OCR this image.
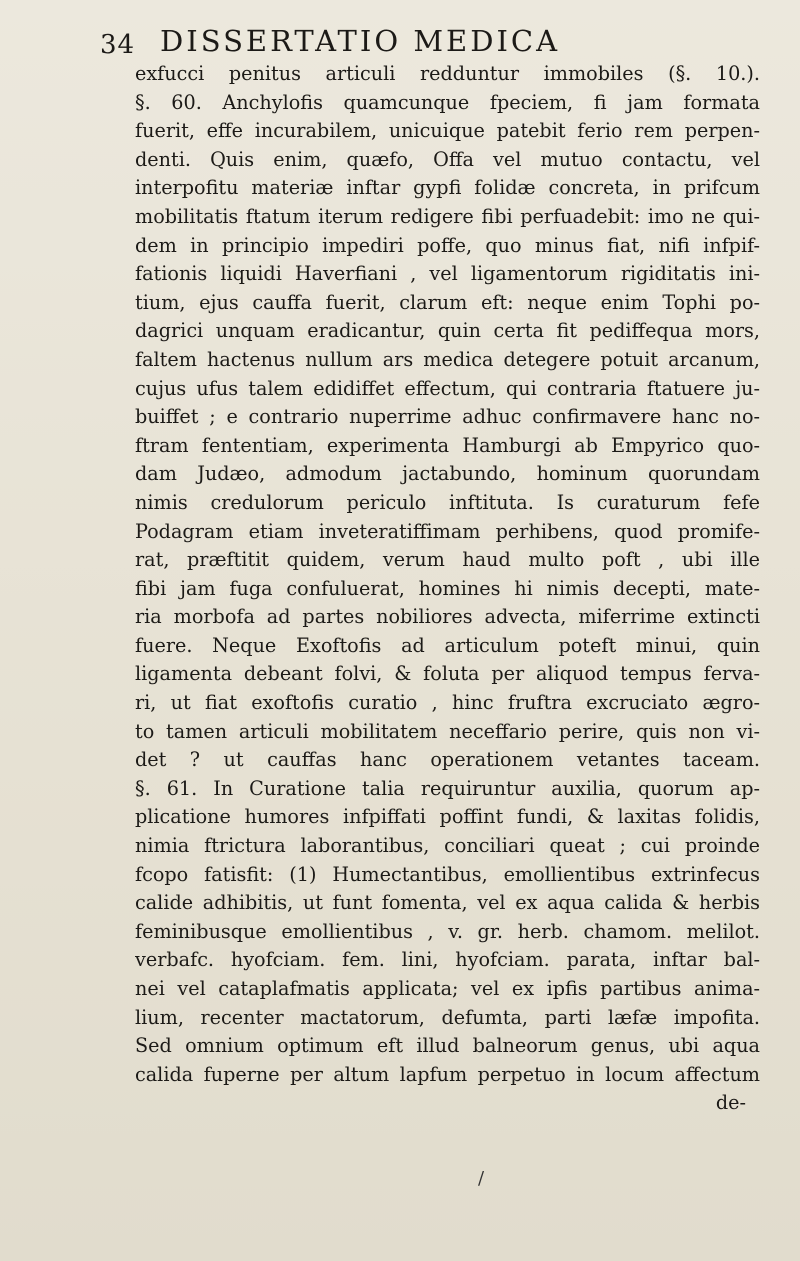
34 DISSERTATIO MEDICA
exfucci penitus articuli redduntur immobiles (§. 10.).
§. 60. Anchylofis quamcunque fpeciem, fi jam formata
fuerit, effe incurabilem, unicuique patebit ferio rem perpen-
denti. Quis enim, quæfo, Offa vel mutuo contactu, vel
interpofitu materiæ inftar gypfi folidæ concreta, in prifcum
mobilitatis ftatum iterum redigere fibi perfuadebit: imo ne qui-
dem in principio impediri poffe, quo minus fiat, nifi infpif-
fationis liquidi Haverfiani , vel ligamentorum rigiditatis ini-
tium, ejus cauffa fuerit, clarum eft: neque enim Tophi po-
dagrici unquam eradicantur, quin certa fit pediffequa mors,
faltem hactenus nullum ars medica detegere potuit arcanum,
cujus ufus talem edidiffet effectum, qui contraria ftatuere ju-
buiffet ; e contrario nuperrime adhuc confirmavere hanc no-
ftram fententiam, experimenta Hamburgi ab Empyrico quo-
dam Judæo, admodum jactabundo, hominum quorundam
nimis credulorum periculo inftituta. Is curaturum fefe
Podagram etiam inveteratiffimam perhibens, quod promife-
rat, præftitit quidem, verum haud multo poft , ubi ille
fibi jam fuga confuluerat, homines hi nimis decepti, mate-
ria morbofa ad partes nobiliores advecta, miferrime extincti
fuere. Neque Exoftofis ad articulum poteft minui, quin
ligamenta debeant folvi, & foluta per aliquod tempus ferva-
ri, ut fiat exoftofis curatio , hinc fruftra excruciato ægro-
to tamen articuli mobilitatem neceffario perire, quis non vi-
det ? ut cauffas hanc operationem vetantes taceam.
§. 61. In Curatione talia requiruntur auxilia, quorum ap-
plicatione humores infpiffati poffint fundi, & laxitas folidis,
nimia ftrictura laborantibus, conciliari queat ; cui proinde
fcopo fatisfit: (1) Humectantibus, emollientibus extrinfecus
calide adhibitis, ut funt fomenta, vel ex aqua calida & herbis
feminibusque emollientibus , v. gr. herb. chamom. melilot.
verbafc. hyofciam. fem. lini, hyofciam. parata, inftar bal-
nei vel cataplafmatis applicata; vel ex ipfis partibus anima-
lium, recenter mactatorum, defumta, parti læfæ impofita.
Sed omnium optimum eft illud balneorum genus, ubi aqua
calida fuperne per altum lapfum perpetuo in locum affectum
de-
/
